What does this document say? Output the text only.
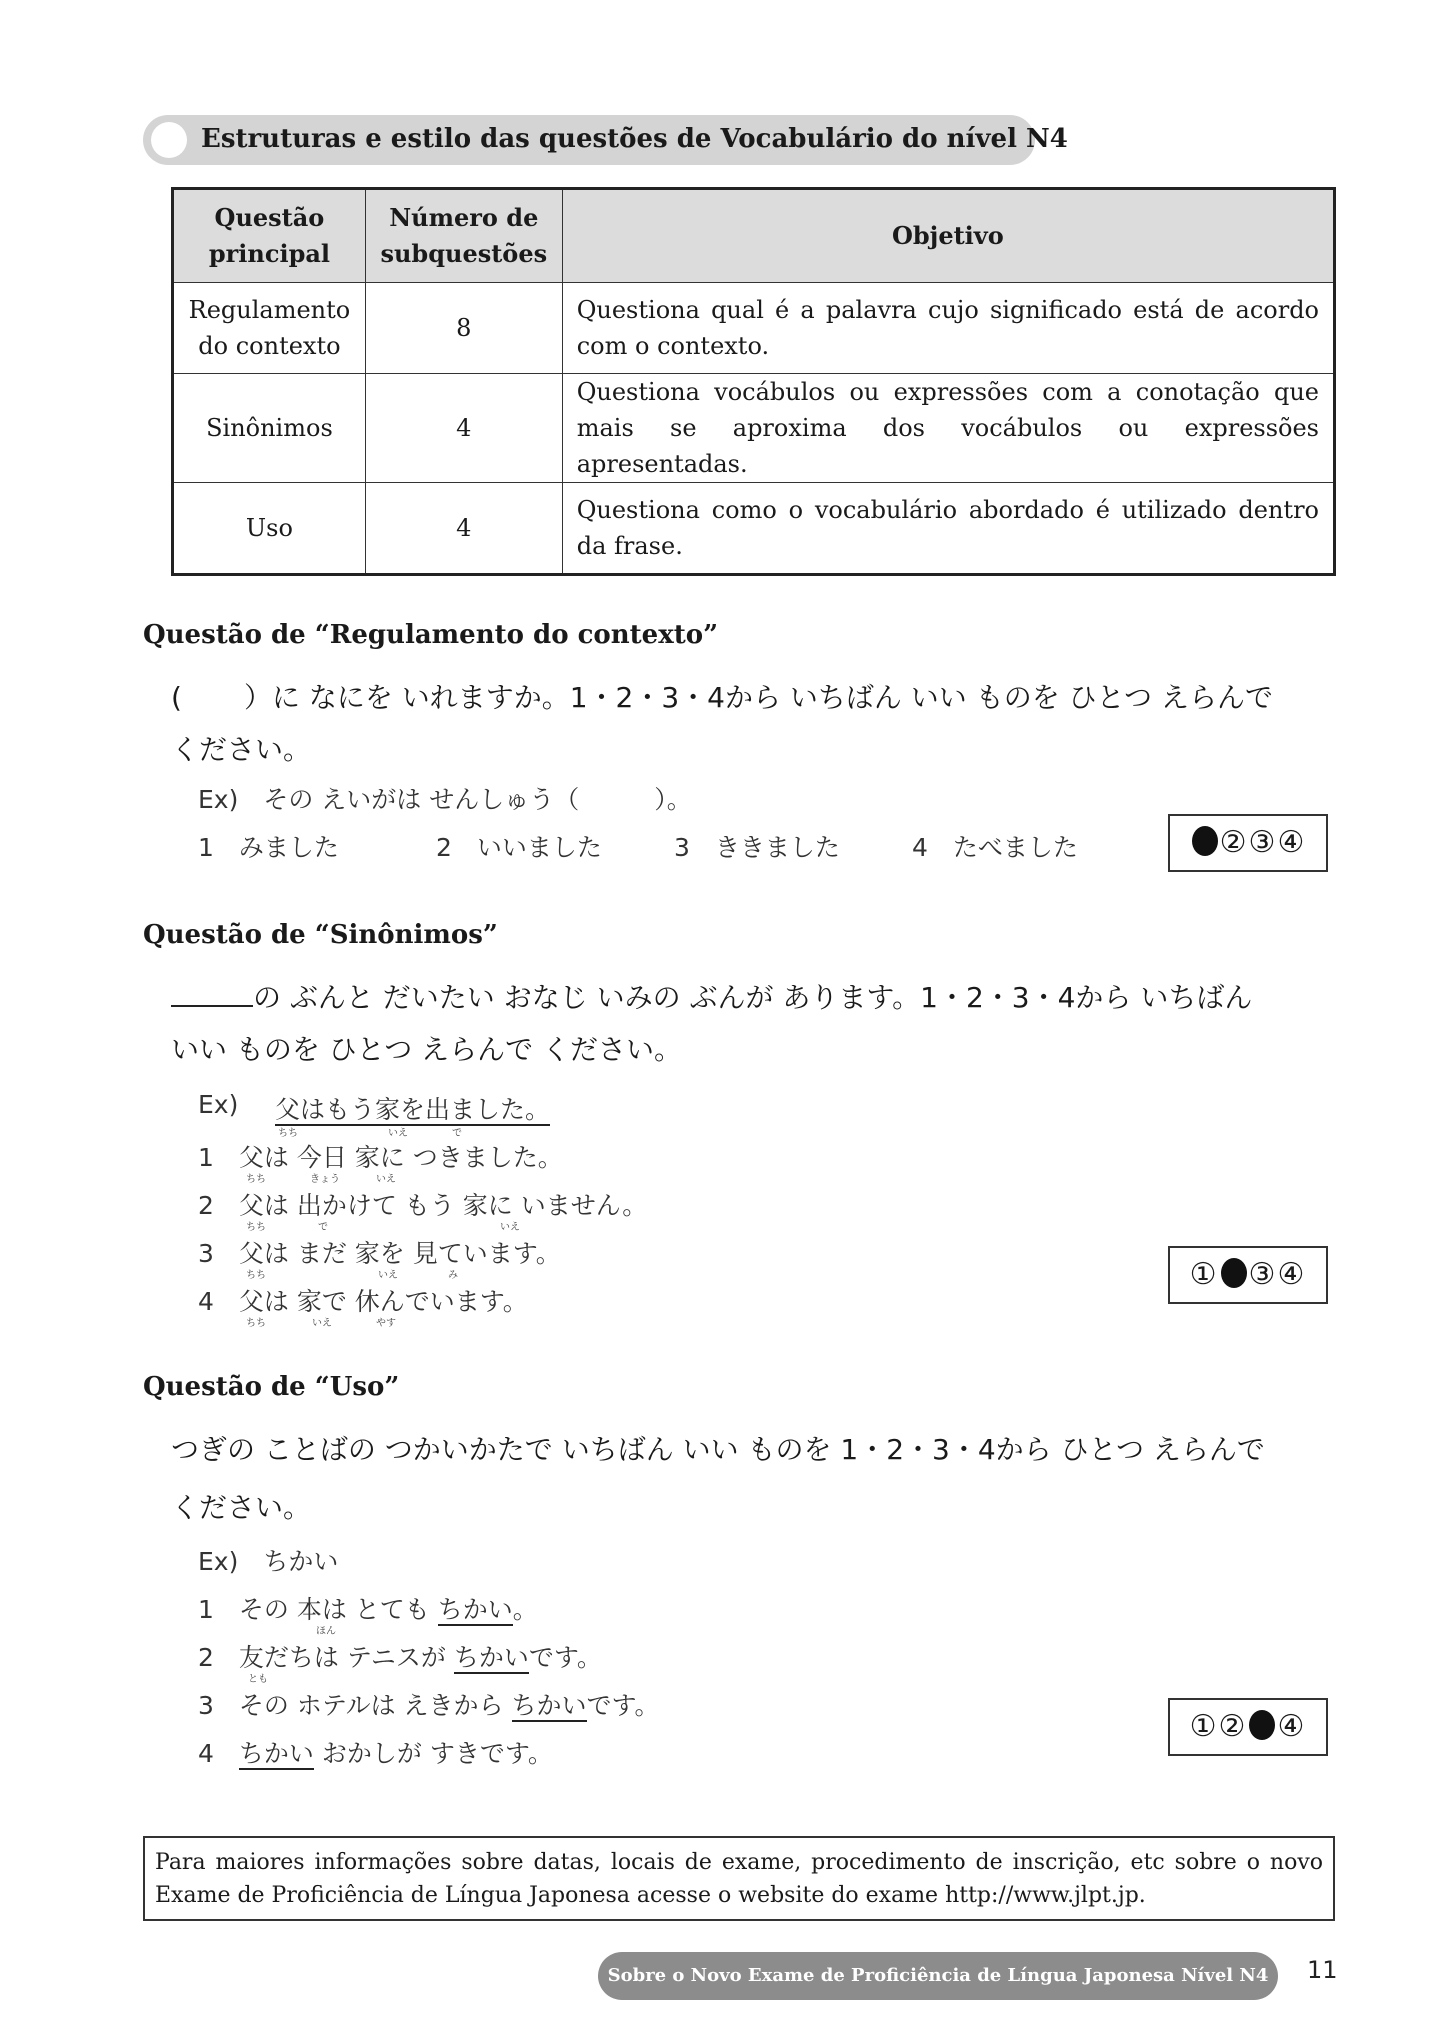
Estruturas e estilo das questões de Vocabulário do nível N4
Questão principal	Número de subquestões	Objetivo
Regulamento do contexto	8	Questiona qual é a palavra cujo significado está de acordo com o contexto.
Sinônimos	4	Questiona vocábulos ou expressões com a conotação que mais se aproxima dos vocábulos ou expressões apresentadas.
Uso	4	Questiona como o vocabulário abordado é utilizado dentro da frase.
Questão de “Regulamento do contexto”
( ）に なにを いれますか。1・2・3・4から いちばん いい ものを ひとつ えらんで
ください。
Ex)　その えいがは せんしゅう（　　　）。
1　みました	2　いいました	3　ききました	4　たべました	②③④
Questão de “Sinônimos”
の ぶんと だいたい おなじ いみの ぶんが あります。1・2・3・4から いちばん
いい ものを ひとつ えらんで ください。
Ex) 父はもう家を出ました。
ちち	いえ	で
1　父は 今日 家に つきました。
ちち	きょう	いえ
2　父は 出かけて もう 家に いません。
ちち	で	いえ
3　父は まだ 家を 見ています。
ちち	いえ	み
4　父は 家で 休んでいます。
ちち	いえ	やす
① ③④
Questão de “Uso”
つぎの ことばの つかいかたで いちばん いい ものを 1・2・3・4から ひとつ えらんで
ください。
Ex)　ちかい
1　その 本は とても ちかい。
ほん
2　友だちは テニスが ちかいです。
とも
3　その ホテルは えきから ちかいです。
4　ちかい おかしが すきです。
①② ④
Para maiores informações sobre datas, locais de exame, procedimento de inscrição, etc sobre o novo Exame de Proficiência de Língua Japonesa acesse o website do exame http://www.jlpt.jp.
Sobre o Novo Exame de Proficiência de Língua Japonesa Nível N4	11
